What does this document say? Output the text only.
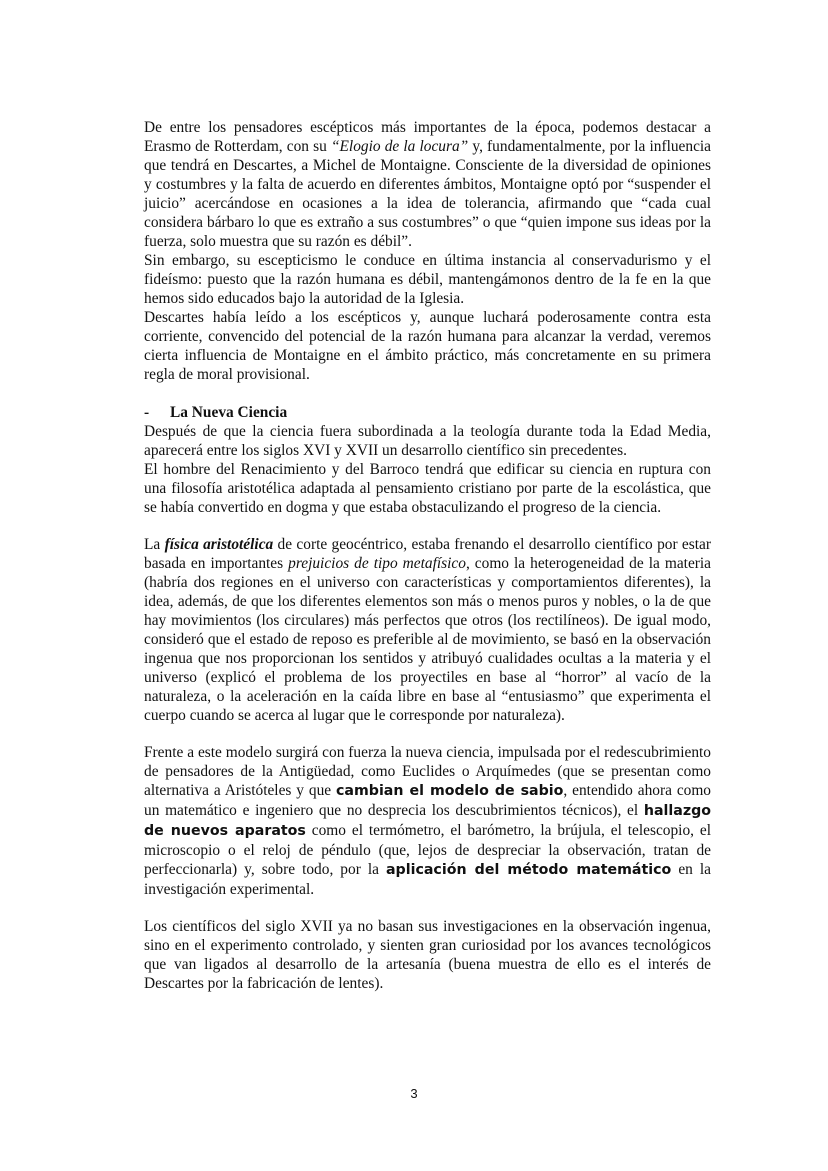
De entre los pensadores escépticos más importantes de la época, podemos destacar a Erasmo de Rotterdam, con su “Elogio de la locura” y, fundamentalmente, por la influencia que tendrá en Descartes, a Michel de Montaigne. Consciente de la diversidad de opiniones y costumbres y la falta de acuerdo en diferentes ámbitos, Montaigne optó por “suspender el juicio” acercándose en ocasiones a la idea de tolerancia, afirmando que “cada cual considera bárbaro lo que es extraño a sus costumbres” o que “quien impone sus ideas por la fuerza, solo muestra que su razón es débil”.

Sin embargo, su escepticismo le conduce en última instancia al conservadurismo y el fideísmo: puesto que la razón humana es débil, mantengámonos dentro de la fe en la que hemos sido educados bajo la autoridad de la Iglesia.

Descartes había leído a los escépticos y, aunque luchará poderosamente contra esta corriente, convencido del potencial de la razón humana para alcanzar la verdad, veremos cierta influencia de Montaigne en el ámbito práctico, más concretamente en su primera regla de moral provisional.

- La Nueva Ciencia

Después de que la ciencia fuera subordinada a la teología durante toda la Edad Media, aparecerá entre los siglos XVI y XVII un desarrollo científico sin precedentes.

El hombre del Renacimiento y del Barroco tendrá que edificar su ciencia en ruptura con una filosofía aristotélica adaptada al pensamiento cristiano por parte de la escolástica, que se había convertido en dogma y que estaba obstaculizando el progreso de la ciencia.

La física aristotélica de corte geocéntrico, estaba frenando el desarrollo científico por estar basada en importantes prejuicios de tipo metafísico, como la heterogeneidad de la materia (habría dos regiones en el universo con características y comportamientos diferentes), la idea, además, de que los diferentes elementos son más o menos puros y nobles, o la de que hay movimientos (los circulares) más perfectos que otros (los rectilíneos). De igual modo, consideró que el estado de reposo es preferible al de movimiento, se basó en la observación ingenua que nos proporcionan los sentidos y atribuyó cualidades ocultas a la materia y el universo (explicó el problema de los proyectiles en base al “horror” al vacío de la naturaleza, o la aceleración en la caída libre en base al “entusiasmo” que experimenta el cuerpo cuando se acerca al lugar que le corresponde por naturaleza).

Frente a este modelo surgirá con fuerza la nueva ciencia, impulsada por el redescubrimiento de pensadores de la Antigüedad, como Euclides o Arquímedes (que se presentan como alternativa a Aristóteles y que cambian el modelo de sabio, entendido ahora como un matemático e ingeniero que no desprecia los descubrimientos técnicos), el hallazgo de nuevos aparatos como el termómetro, el barómetro, la brújula, el telescopio, el microscopio o el reloj de péndulo (que, lejos de despreciar la observación, tratan de perfeccionarla) y, sobre todo, por la aplicación del método matemático en la investigación experimental.

Los científicos del siglo XVII ya no basan sus investigaciones en la observación ingenua, sino en el experimento controlado, y sienten gran curiosidad por los avances tecnológicos que van ligados al desarrollo de la artesanía (buena muestra de ello es el interés de Descartes por la fabricación de lentes).

3
